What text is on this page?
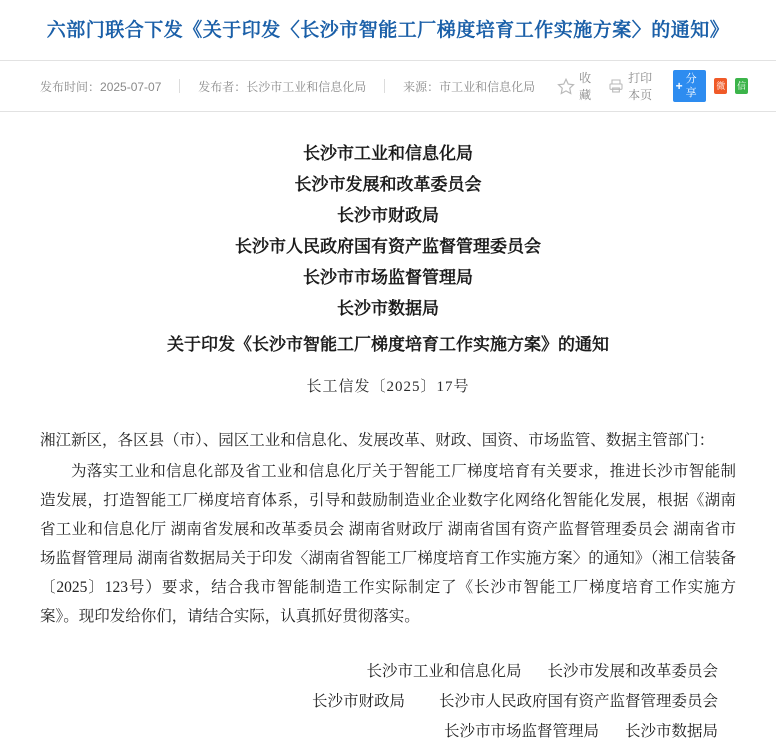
六部门联合下发《关于印发〈长沙市智能工厂梯度培育工作实施方案〉的通知》
发布时间：2025-07-07	发布者：长沙市工业和信息化局	来源：市工业和信息化局
收藏
打印本页
+ 分享
微 信
长沙市工业和信息化局
长沙市发展和改革委员会
长沙市财政局
长沙市人民政府国有资产监督管理委员会
长沙市市场监督管理局
长沙市数据局
关于印发《长沙市智能工厂梯度培育工作实施方案》的通知
长工信发〔2025〕17号
湘江新区，各区县（市）、园区工业和信息化、发展改革、财政、国资、市场监管、数据主管部门：
为落实工业和信息化部及省工业和信息化厅关于智能工厂梯度培育有关要求，推进长沙市智能制造发展，打造智能工厂梯度培育体系，引导和鼓励制造业企业数字化网络化智能化发展，根据《湖南省工业和信息化厅 湖南省发展和改革委员会 湖南省财政厅 湖南省国有资产监督管理委员会 湖南省市场监督管理局 湖南省数据局关于印发〈湖南省智能工厂梯度培育工作实施方案〉的通知》（湘工信装备〔2025〕123号）要求，结合我市智能制造工作实际制定了《长沙市智能工厂梯度培育工作实施方案》。现印发给你们，请结合实际，认真抓好贯彻落实。
长沙市工业和信息化局 长沙市发展和改革委员会
长沙市财政局 长沙市人民政府国有资产监督管理委员会
长沙市市场监督管理局 长沙市数据局
